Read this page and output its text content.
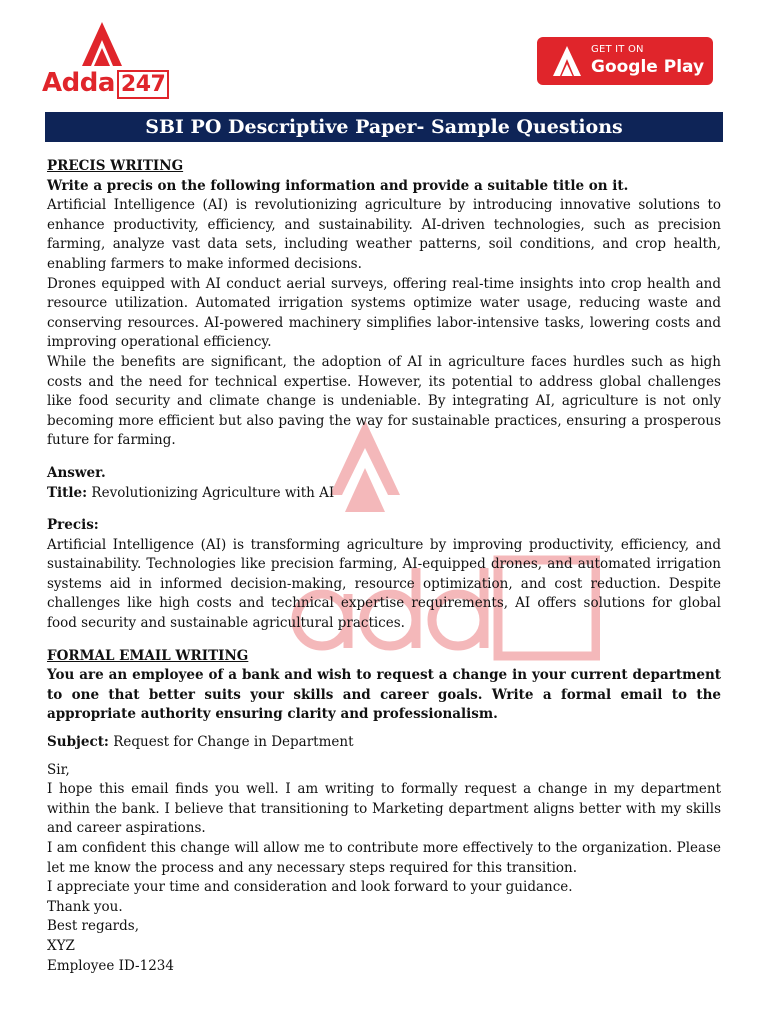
Adda 247
GET IT ON
Google Play
SBI PO Descriptive Paper- Sample Questions

PRECIS WRITING

Write a precis on the following information and provide a suitable title on it.

Artificial Intelligence (AI) is revolutionizing agriculture by introducing innovative solutions to enhance productivity, efficiency, and sustainability. AI-driven technologies, such as precision farming, analyze vast data sets, including weather patterns, soil conditions, and crop health, enabling farmers to make informed decisions.

Drones equipped with AI conduct aerial surveys, offering real-time insights into crop health and resource utilization. Automated irrigation systems optimize water usage, reducing waste and conserving resources. AI-powered machinery simplifies labor-intensive tasks, lowering costs and improving operational efficiency.

While the benefits are significant, the adoption of AI in agriculture faces hurdles such as high costs and the need for technical expertise. However, its potential to address global challenges like food security and climate change is undeniable. By integrating AI, agriculture is not only becoming more efficient but also paving the way for sustainable practices, ensuring a prosperous future for farming.

Answer.

Title: Revolutionizing Agriculture with AI

Precis:

Artificial Intelligence (AI) is transforming agriculture by improving productivity, efficiency, and sustainability. Technologies like precision farming, AI-equipped drones, and automated irrigation systems aid in informed decision-making, resource optimization, and cost reduction. Despite challenges like high costs and technical expertise requirements, AI offers solutions for global food security and sustainable agricultural practices.

FORMAL EMAIL WRITING

You are an employee of a bank and wish to request a change in your current department to one that better suits your skills and career goals. Write a formal email to the appropriate authority ensuring clarity and professionalism.

Subject: Request for Change in Department

Sir,

I hope this email finds you well. I am writing to formally request a change in my department within the bank. I believe that transitioning to Marketing department aligns better with my skills and career aspirations.

I am confident this change will allow me to contribute more effectively to the organization. Please let me know the process and any necessary steps required for this transition.

I appreciate your time and consideration and look forward to your guidance.

Thank you.

Best regards,

XYZ

Employee ID-1234
